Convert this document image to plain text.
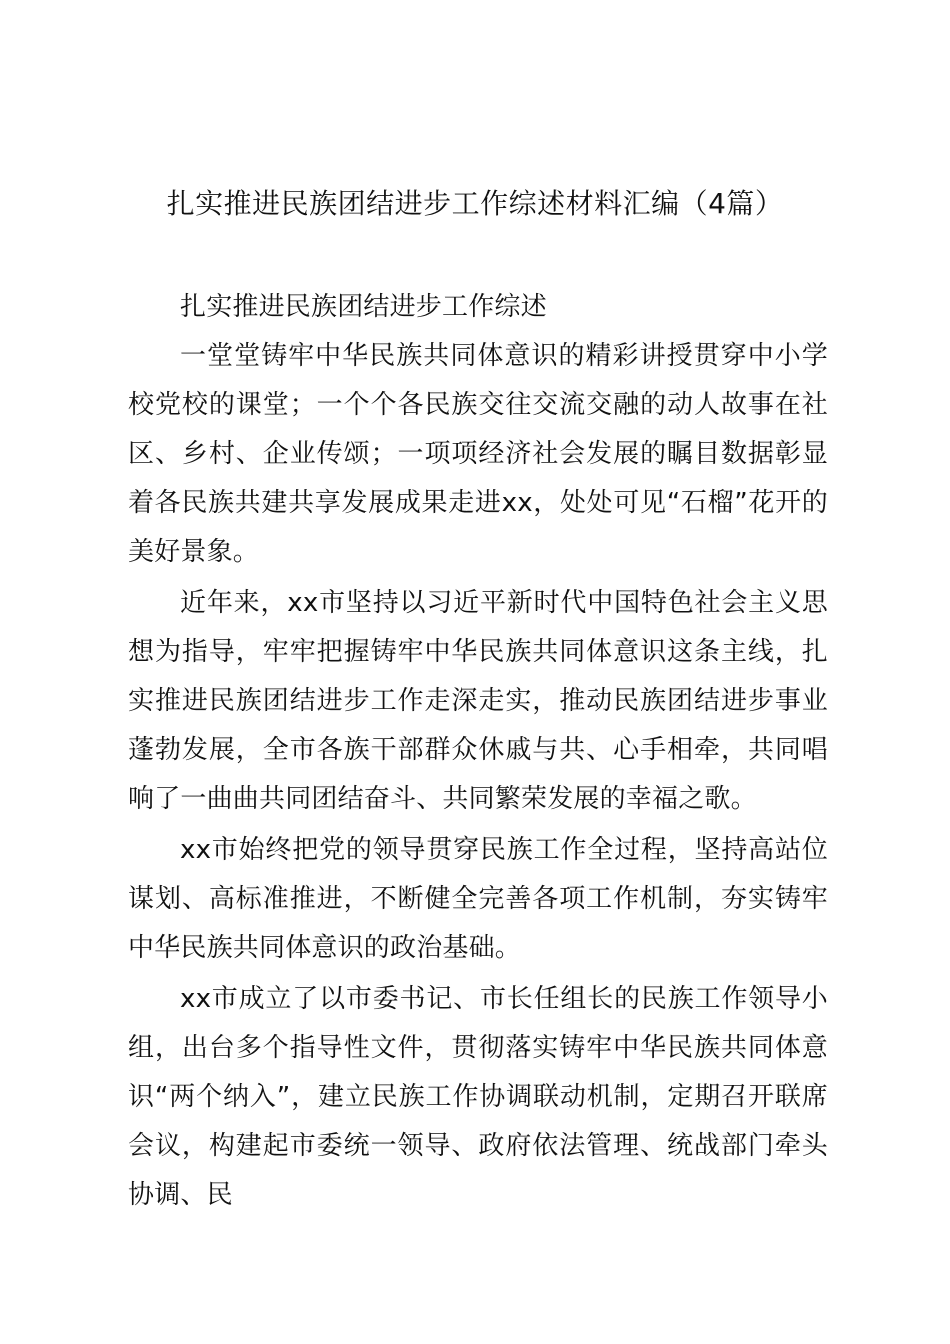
扎实推进民族团结进步工作综述材料汇编（4篇）

扎实推进民族团结进步工作综述

一堂堂铸牢中华民族共同体意识的精彩讲授贯穿中小学校党校的课堂；一个个各民族交往交流交融的动人故事在社区、乡村、企业传颂；一项项经济社会发展的瞩目数据彰显着各民族共建共享发展成果走进xx，处处可见“石榴”花开的美好景象。

近年来，xx市坚持以习近平新时代中国特色社会主义思想为指导，牢牢把握铸牢中华民族共同体意识这条主线，扎实推进民族团结进步工作走深走实，推动民族团结进步事业蓬勃发展，全市各族干部群众休戚与共、心手相牵，共同唱响了一曲曲共同团结奋斗、共同繁荣发展的幸福之歌。

xx市始终把党的领导贯穿民族工作全过程，坚持高站位谋划、高标准推进，不断健全完善各项工作机制，夯实铸牢中华民族共同体意识的政治基础。

xx市成立了以市委书记、市长任组长的民族工作领导小组，出台多个指导性文件，贯彻落实铸牢中华民族共同体意识“两个纳入”，建立民族工作协调联动机制，定期召开联席会议，构建起市委统一领导、政府依法管理、统战部门牵头协调、民
